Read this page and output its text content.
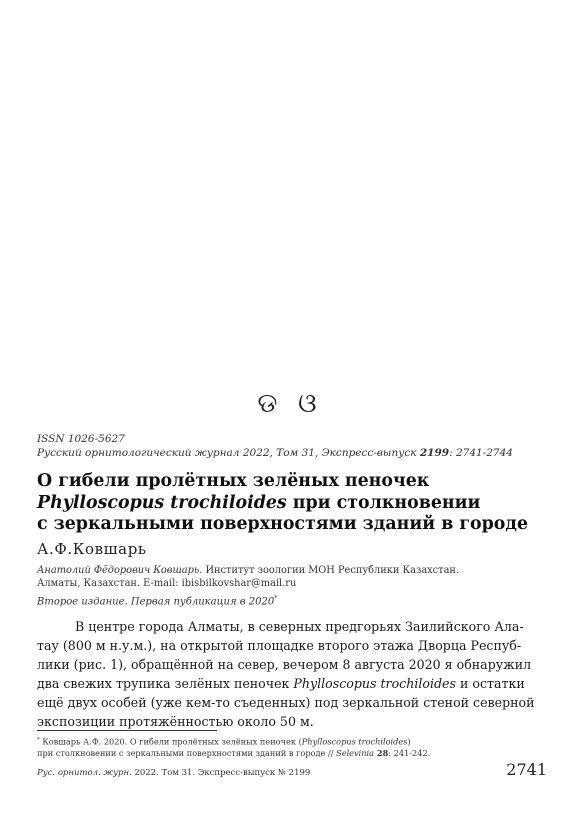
ଡ ଓ
ISSN 1026-5627
Русский орнитологический журнал 2022, Том 31, Экспресс-выпуск 2199: 2741-2744
О гибели пролётных зелёных пеночек
Phylloscopus trochiloides при столкновении
с зеркальными поверхностями зданий в городе
А.Ф.Ковшарь
Анатолий Фёдорович Ковшарь. Институт зоологии МОН Республики Казахстан.
Алматы, Казахстан. E-mail: ibisbilkovshar@mail.ru
Второе издание. Первая публикация в 2020*
В центре города Алматы, в северных предгорьях Заилийского Ала-
тау (800 м н.у.м.), на открытой площадке второго этажа Дворца Респуб-
лики (рис. 1), обращённой на север, вечером 8 августа 2020 я обнаружил
два свежих трупика зелёных пеночек Phylloscopus trochiloides и остатки
ещё двух особей (уже кем-то съеденных) под зеркальной стеной северной
экспозиции протяжённостью около 50 м.
* Ковшарь А.Ф. 2020. О гибели пролётных зелёных пеночек (Phylloscopus trochiloides)
при столкновении с зеркальными поверхностями зданий в городе // Selevinia 28: 241-242.
Рус. орнитол. журн. 2022. Том 31. Экспресс-выпуск № 2199	2741
